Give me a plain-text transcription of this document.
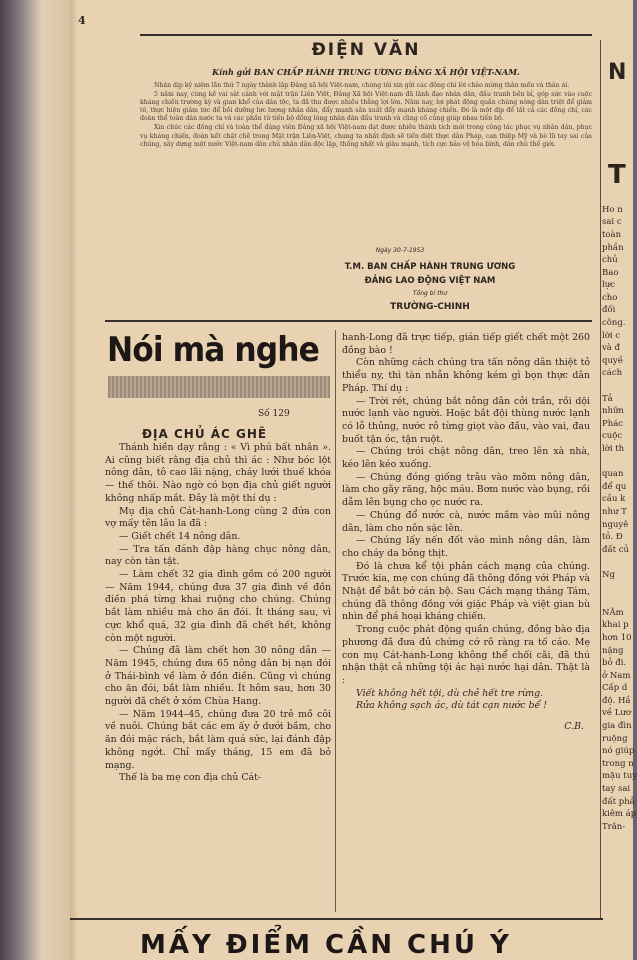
4
ĐIỆN VĂN
Kính gửi BAN CHẤP HÀNH TRUNG ƯƠNG ĐẢNG XÃ HỘI VIỆT-NAM.

Nhân dịp kỷ niệm lần thứ 7 ngày thành lập Đảng xã hội Việt-nam, chúng tôi xin gửi các đồng chí lời chào mừng thân mến và thân ái.

5 năm nay, cùng kề vai sát cánh với mặt trận Liên Việt, Đảng Xã hội Việt-nam đã lãnh đạo nhân dân, đấu tranh bền bỉ, góp sức vào cuộc kháng chiến trường kỳ và gian khổ của dân tộc, ta đã thu được nhiều thắng lợi lớn. Năm nay, lợi phát động quần chúng nông dân triệt để giảm tô, thực hiện giảm tức để bồi dưỡng lực lượng nhân dân, đẩy mạnh sản xuất đẩy mạnh kháng chiến. Đó là một dịp để tất cả các đồng chí, các đoàn thể toàn dân nước ta và các phần tử tiến bộ đồng lòng nhân dân đấu tranh và cũng cố củng giúp nhau tiến bộ.

Xin chúc các đồng chí và toàn thể đảng viên Đảng xã hội Việt-nam đạt được nhiều thành tích mới trong công tác phục vụ nhân dân, phục vụ kháng chiến, đoàn kết chặt chẽ trong Mặt trận Liên-Việt, chung ta nhất định sẽ tiến diệt thực dân Pháp, can thiệp Mỹ và bè lũ tay sai của chúng, xây dựng một nước Việt-nam dân chủ nhân dân độc lập, thống nhất và giàu mạnh, tích cực bảo vệ hòa bình, dân chủ thế giới.

Ngày 30-7-1953
T.M. BAN CHẤP HÀNH TRUNG ƯƠNG
ĐẢNG LAO ĐỘNG VIỆT NAM
Tổng bí thư
TRƯỜNG-CHINH
Nói mà nghe
Số 129
ĐỊA CHỦ ÁC GHÊ

Thánh hiền dạy rằng : « Vì phú bất nhân ». Ai cũng biết rằng địa chủ thì ác : Như bóc lột nông dân, tô cao lãi nặng, cháy lưới thuế khóa — thế thôi. Nào ngờ có bọn địa chủ giết người không nhấp mắt. Đây là một thí dụ :

Mụ địa chủ Cát-hanh-Long cùng 2 đứa con vợ mấy tên lâu la đã :

— Giết chết 14 nông dân.

— Tra tấn đánh đập hàng chục nông dân, nay còn tàn tật.

— Làm chết 32 gia đình gồm có 200 người — Năm 1944, chúng đưa 37 gia đình về đồn điền phá từng khai ruộng cho chúng. Chúng bắt làm nhiều mà cho ăn đói. Ít tháng sau, vì cực khổ quá, 32 gia đình đã chết hết, không còn một người.

— Chúng đã làm chết hơn 30 nông dân — Năm 1945, chúng đưa 65 nông dân bị nạn đói ở Thái-bình về làm ở đồn điền. Cũng vì chúng cho ăn đói, bắt làm nhiều. Ít hôm sau, hơn 30 người đã chết ở xóm Chùa Hang.

— Năm 1944–45, chúng đưa 20 trẻ mồ côi về nuôi. Chúng bắt các em ấy ở dưới bầm, cho ăn đói mặc rách, bắt làm quá sức, lại đánh đập không ngớt. Chỉ mấy tháng, 15 em đã bỏ mạng.

Thế là ba mẹ con địa chủ Cát-

hanh-Long đã trực tiếp, gián tiếp giết chết một 260 đồng bào !

Còn những cách chúng tra tấn nông dân thiệt tỏ thiểu ny, thì tàn nhẫn không kém gì bọn thực dân Pháp. Thí dụ :

— Trời rét, chúng bắt nông dân cởi trần, rồi dội nước lạnh vào người. Hoặc bắt đội thùng nước lạnh có lỗ thủng, nước rỏ từng giọt vào đầu, vào vai, đau buốt tận óc, tận ruột.

— Chúng trói chặt nông dân, treo lên xà nhà, kéo lên kéo xuống.

— Chúng đóng giống trâu vào mõm nông dân, làm cho gãy răng, hộc máu. Bơm nước vào bụng, rồi dẫm lên bụng cho ọc nước ra.

— Chúng đổ nước cà, nước mắm vào mũi nông dân, làm cho nôn sặc lên.

— Chúng lấy nến đốt vào mình nông dân, làm cho cháy da bỏng thịt.

Đó là chưa kể tội phản cách mạng của chúng. Trước kia, mẹ con chúng đã thông đồng với Pháp và Nhật để bắt bớ cán bộ. Sau Cách mạng tháng Tám, chúng đã thông đồng với giặc Pháp và việt gian bù nhìn để phá hoại kháng chiến.

Trong cuộc phát động quần chúng, đồng bào địa phương đã đưa đủ chứng cớ rõ ràng ra tố cáo. Mẹ con mụ Cát-hanh-Long không thể chối cãi, đã thú nhận thật cả những tội ác hại nước hại dân. Thật là :

Viết không hết tội, dù chẻ hết tre rừng.

Rửa không sạch ác, dù tát cạn nước bể !

C.B.
MẤY ĐIỂM CẦN CHÚ Ý
N
T
Ho n
sai c
toàn
phần
chủ
Bao
lực
cho
đối
công.
lời c
và đ
quyề
cách
Tả
nhữn
Phác
cuộc
lời th
quan
để qu
cầu k
như T
nguyê
tỏ. Đ
đất củ
Ng
NĂm
khai p
hơn 10
nặng
bỏ đi.
ở Nam
Cấp d
độ. Hầ
về Lươ
gia đìn
ruộng
nó giúp
trong n
mậu tuy
tay sai
đất phả
kiêm áp
Trăn-
